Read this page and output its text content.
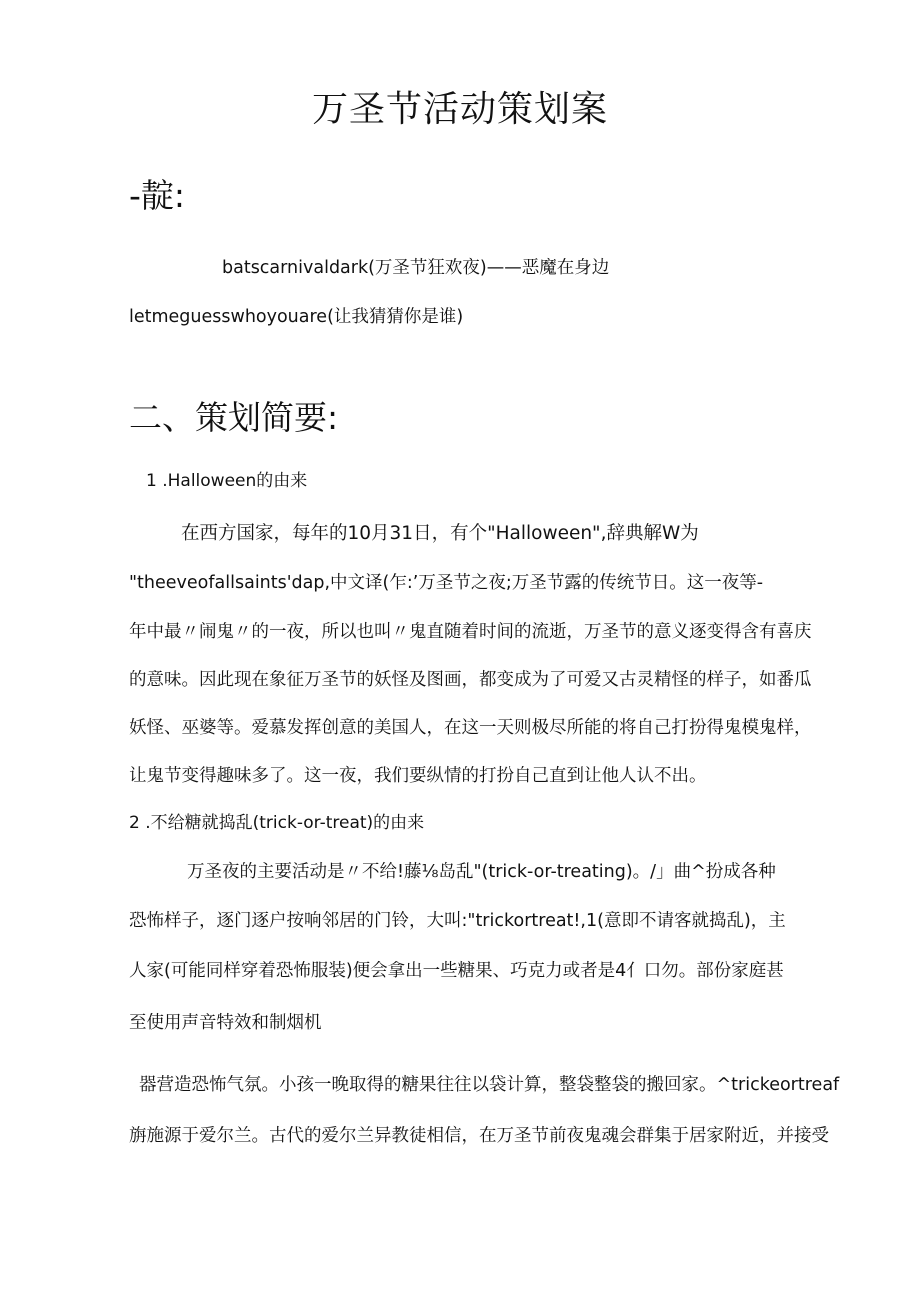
万圣节活动策划案
-靛:
batscarnivaldark(万圣节狂欢夜)——恶魔在身边
letmeguesswhoyouare(让我猜猜你是谁)
二、策划简要:
1 .Halloween的由来
在西方国家，每年的10月31日，有个"Halloween",辞典解W为
"theeveofallsaints'dap,中文译(乍:’万圣节之夜;万圣节露的传统节日。这一夜等-
年中最〃闹鬼〃的一夜，所以也叫〃鬼直随着时间的流逝，万圣节的意义逐变得含有喜庆
的意味。因此现在象征万圣节的妖怪及图画，都变成为了可爱又古灵精怪的样子，如番瓜
妖怪、巫婆等。爱慕发挥创意的美国人，在这一天则极尽所能的将自己打扮得鬼模鬼样，
让鬼节变得趣味多了。这一夜，我们要纵情的打扮自己直到让他人认不出。
2 .不给糖就捣乱(trick-or-treat)的由来
万圣夜的主要活动是〃不给!藤⅛岛乱"(trick-or-treating)。/」曲^扮成各种
恐怖样子，逐门逐户按响邻居的门铃，大叫:"trickortreat!,1(意即不请客就捣乱)，主
人家(可能同样穿着恐怖服装)便会拿出一些糖果、巧克力或者是4亻口勿。部份家庭甚
至使用声音特效和制烟机
器营造恐怖气氛。小孩一晚取得的糖果往往以袋计算，整袋整袋的搬回家。^trickeortreaf
旃施源于爱尔兰。古代的爱尔兰异教徒相信，在万圣节前夜鬼魂会群集于居家附近，并接受
